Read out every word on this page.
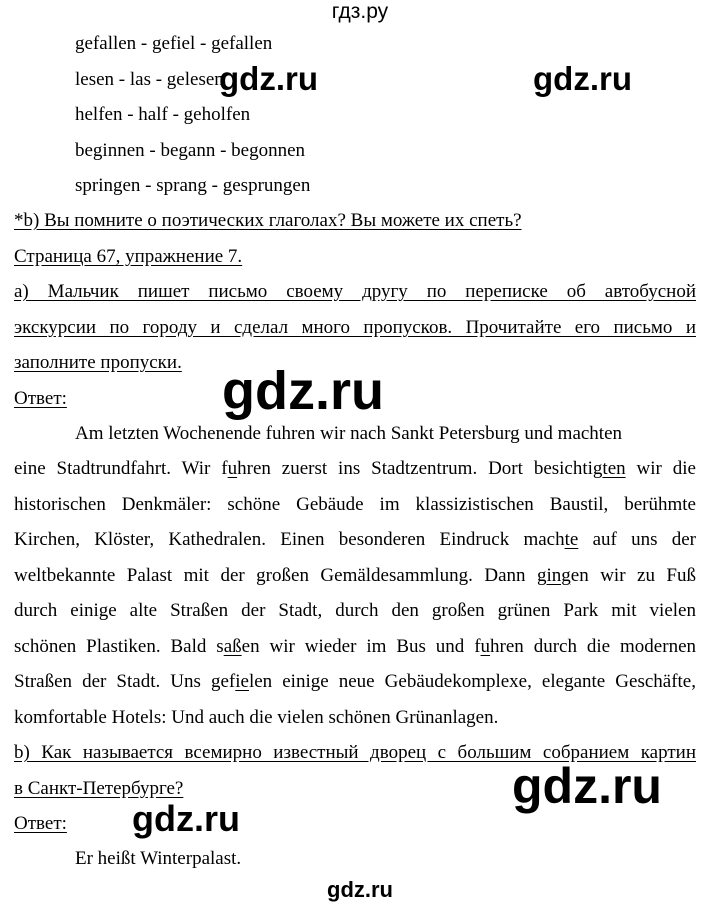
гдз.ру
gefallen - gefiel - gefallen
lesen - las - gelesen
helfen - half - geholfen
beginnen - begann - begonnen
springen - sprang - gesprungen
*b) Вы помните о поэтических глаголах? Вы можете их спеть?
Страница 67, упражнение 7.
а) Мальчик пишет письмо своему другу по переписке об автобусной
экскурсии по городу и сделал много пропусков. Прочитайте его письмо и
заполните пропуски.
Ответ:
Am letzten Wochenende fuhren wir nach Sankt Petersburg und machten
eine Stadtrundfahrt. Wir fuhren zuerst ins Stadtzentrum. Dort besichtigten wir die
historischen Denkmäler: schöne Gebäude im klassizistischen Baustil, berühmte
Kirchen, Klöster, Kathedralen. Einen besonderen Eindruck machte auf uns der
weltbekannte Palast mit der großen Gemäldesammlung. Dann gingen wir zu Fuß
durch einige alte Straßen der Stadt, durch den großen grünen Park mit vielen
schönen Plastiken. Bald saßen wir wieder im Bus und fuhren durch die modernen
Straßen der Stadt. Uns gefielen einige neue Gebäudekomplexe, elegante Geschäfte,
komfortable Hotels: Und auch die vielen schönen Grünanlagen.
b) Как называется всемирно известный дворец с большим собранием картин
в Санкт-Петербурге?
Ответ:
Er heißt Winterpalast.
gdz.ru	gdz.ru
gdz.ru
gdz.ru
gdz.ru
gdz.ru
